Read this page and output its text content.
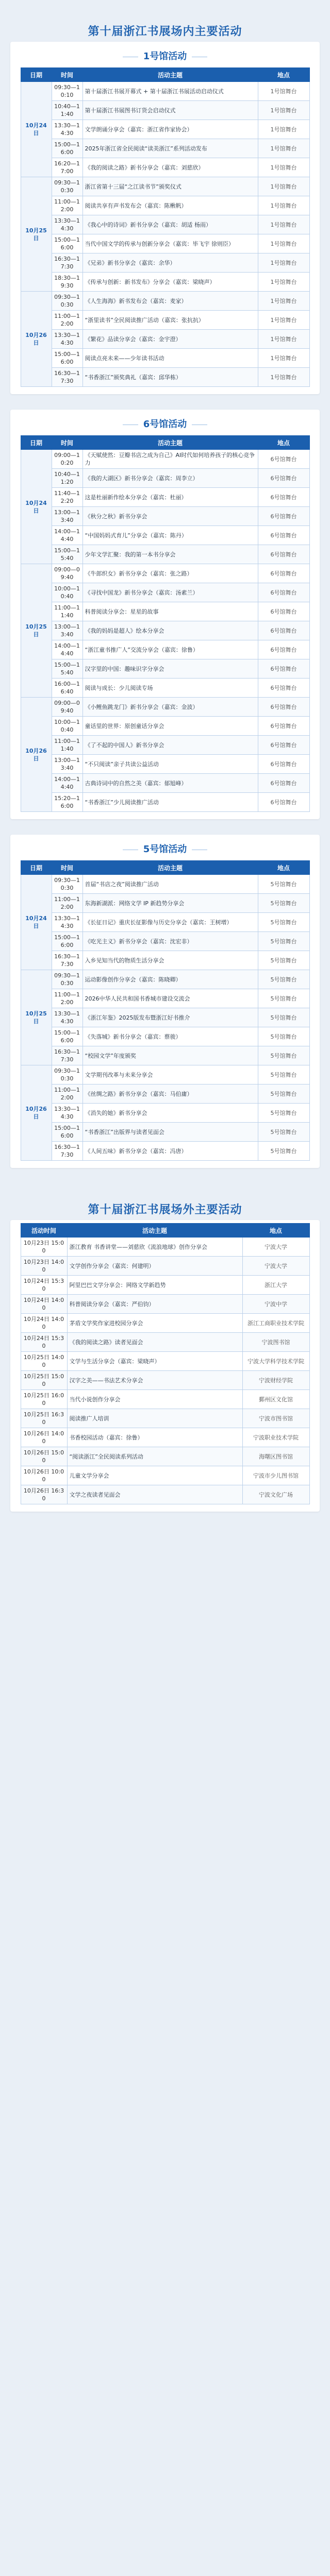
第十届浙江书展场内主要活动
1号馆活动
日期	时间	活动主题	地点
10月24日	09:30—10:10	第十届浙江书展开幕式 + 第十届浙江书展活动启动仪式	1号馆舞台
	10:40—11:40	第十届浙江书展图书订货会启动仪式	1号馆舞台
	13:30—14:30	文学朗诵分享会（嘉宾：浙江省作家协会）	1号馆舞台
	15:00—16:00	2025年浙江省全民阅读“读美浙江”系列活动发布	1号馆舞台
	16:20—17:00	《我的阅读之路》新书分享会（嘉宾：刘慈欣）	1号馆舞台
10月25日	09:30—10:30	浙江省第十三届“之江读书节”颁奖仪式	1号馆舞台
	11:00—12:00	阅读共享有声书发布会（嘉宾：陈楸帆）	1号馆舞台
	13:30—14:30	《我心中的诗词》新书分享会（嘉宾：胡适 杨雨）	1号馆舞台
	15:00—16:00	当代中国文学的传承与创新分享会（嘉宾：毕飞宇 徐则臣）	1号馆舞台
	16:30—17:30	《兄弟》新书分享会（嘉宾：余华）	1号馆舞台
	18:30—19:30	《传承与创新：新书发布》分享会（嘉宾：梁晓声）	1号馆舞台
10月26日	09:30—10:30	《人生海海》新书发布会（嘉宾：麦家）	1号馆舞台
	11:00—12:00	“浙里读书”全民阅读推广活动（嘉宾：张抗抗）	1号馆舞台
	13:30—14:30	《繁花》品读分享会（嘉宾：金宇澄）	1号馆舞台
	15:00—16:00	阅读点亮未来——少年读书活动	1号馆舞台
	16:30—17:30	“书香浙江”颁奖典礼（嘉宾：邱华栋）	1号馆舞台
6号馆活动
日期	时间	活动主题	地点
10月24日	09:00—10:20	《天赋使然：豆瓣书店之成为自己》AI时代如何培养孩子的核心竞争力	6号馆舞台
	10:40—11:20	《我的大湖区》新书分享会（嘉宾：周李立）	6号馆舞台
	11:40—12:20	这是杜丽新作绘本分享会（嘉宾：杜丽）	6号馆舞台
	13:00—13:40	《秋分之秋》新书分享会	6号馆舞台
	14:00—14:40	“中国妈妈式育儿”分享会（嘉宾：陈丹）	6号馆舞台
	15:00—15:40	少年文学汇聚：我的第一本书分享会	6号馆舞台
10月25日	09:00—09:40	《牛郎织女》新书分享会（嘉宾：张之路）	6号馆舞台
	10:00—10:40	《寻找中国龙》新书分享会（嘉宾：汤素兰）	6号馆舞台
	11:00—11:40	科普阅读分享会：星星的故事	6号馆舞台
	13:00—13:40	《我的妈妈是超人》绘本分享会	6号馆舞台
	14:00—14:40	“浙江童书推广人”交流分享会（嘉宾：徐鲁）	6号馆舞台
	15:00—15:40	汉字里的中国：趣味识字分享会	6号馆舞台
	16:00—16:40	阅读与成长：少儿阅读专场	6号馆舞台
10月26日	09:00—09:40	《小鲤鱼跳龙门》新书分享会（嘉宾：金波）	6号馆舞台
	10:00—10:40	童话里的世界：原创童话分享会	6号馆舞台
	11:00—11:40	《了不起的中国人》新书分享会	6号馆舞台
	13:00—13:40	“不只阅读”亲子共读公益活动	6号馆舞台
	14:00—14:40	古典诗词中的自然之美（嘉宾：郁旭峰）	6号馆舞台
	15:20—16:00	“书香浙江”少儿阅读推广活动	6号馆舞台
5号馆活动
日期	时间	活动主题	地点
10月24日	09:30—10:30	首届“书店之夜”阅读推广活动	5号馆舞台
	11:00—12:00	东海新湖派：网络文学 IP 新趋势分享会	5号馆舞台
	13:30—14:30	《长征日记》重庆长征影像与历史分享会（嘉宾：王树增）	5号馆舞台
	15:00—16:00	《吃光主义》新书分享会（嘉宾：沈宏非）	5号馆舞台
	16:30—17:30	入乡见知当代的物质生活分享会	5号馆舞台
10月25日	09:30—10:30	运动影像创作分享会（嘉宾：陈晓卿）	5号馆舞台
	11:00—12:00	2026中华人民共和国书香城市建设交流会	5号馆舞台
	13:30—14:30	《浙江年鉴》2025版发布暨浙江好书推介	5号馆舞台
	15:00—16:00	《失落城》新书分享会（嘉宾：蔡骏）	5号馆舞台
	16:30—17:30	“校园文学”年度颁奖	5号馆舞台
10月26日	09:30—10:30	文学期刊改革与未来分享会	5号馆舞台
	11:00—12:00	《丝绸之路》新书分享会（嘉宾：马伯庸）	5号馆舞台
	13:30—14:30	《消失的她》新书分享会	5号馆舞台
	15:00—16:00	“书香浙江”出版界与读者见面会	5号馆舞台
	16:30—17:30	《人间五味》新书分享会（嘉宾：冯唐）	5号馆舞台
第十届浙江书展场外主要活动
活动时间	活动主题	地点
10月23日 15:00	浙江教育 书香讲堂——刘慈欣《流浪地球》创作分享会	宁波大学
10月23日 14:00	文学创作分享会（嘉宾：何建明）	宁波大学
10月24日 15:30	阿里巴巴文学分享会：网络文学新趋势	浙江大学
10月24日 14:00	科普阅读分享会（嘉宾：严伯钧）	宁波中学
10月24日 14:00	茅盾文学奖作家进校园分享会	浙江工商职业技术学院
10月24日 15:30	《我的阅读之路》读者见面会	宁波图书馆
10月25日 14:00	文学与生活分享会（嘉宾：梁晓声）	宁波大学科学技术学院
10月25日 15:00	汉字之美——书法艺术分享会	宁波财经学院
10月25日 16:00	当代小说创作分享会	鄞州区文化馆
10月25日 16:30	阅读推广人培训	宁波市图书馆
10月26日 14:00	书香校园活动（嘉宾：徐鲁）	宁波职业技术学院
10月26日 15:00	“阅读浙江”全民阅读系列活动	海曙区图书馆
10月26日 10:00	儿童文学分享会	宁波市少儿图书馆
10月26日 16:30	文学之夜读者见面会	宁波文化广场
